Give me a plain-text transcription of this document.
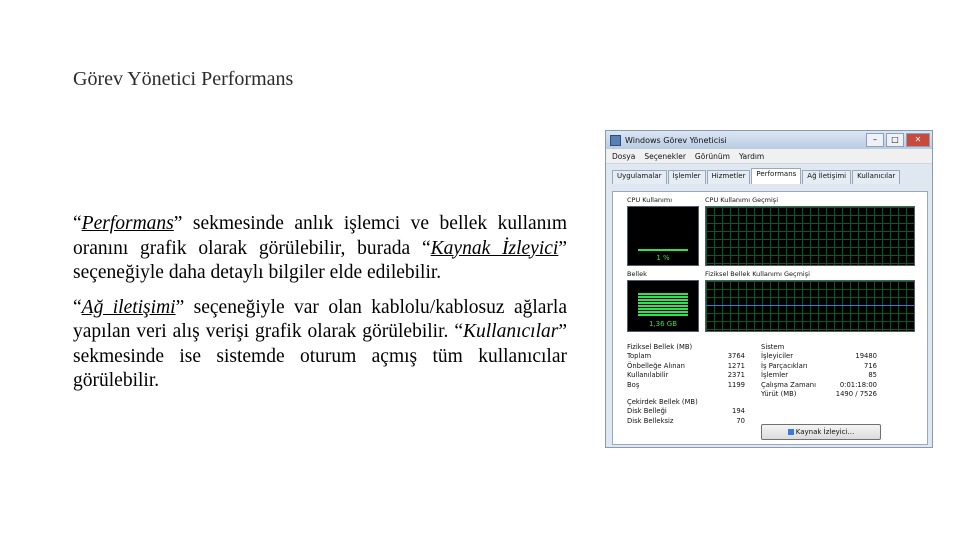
Görev Yönetici Performans

“Performans” sekmesinde anlık işlemci ve bellek kullanım oranını grafik olarak görülebilir, burada “Kaynak İzleyici” seçeneğiyle daha detaylı bilgiler elde edilebilir.

“Ağ iletişimi” seçeneğiyle var olan kablolu/kablosuz ağlarla yapılan veri alış verişi grafik olarak görülebilir. “Kullanıcılar” sekmesinde ise sistemde oturum açmış tüm kullanıcılar görülebilir.

Windows Görev Yöneticisi	–	□	✕
Dosya Seçenekler Görünüm Yardım
Uygulamalar	İşlemler	Hizmetler	Performans	Ağ İletişimi	Kullanıcılar
CPU Kullanımı
1 %
CPU Kullanımı Geçmişi
Bellek
1,36 GB
Fiziksel Bellek Kullanımı Geçmişi
Fiziksel Bellek (MB)
Toplam	3764
Önbelleğe Alınan	1271
Kullanılabilir	2371
Boş	1199
Çekirdek Bellek (MB)
Disk Belleği	194
Disk Belleksiz	70
Sistem
İşleyiciler	19480
İş Parçacıkları	716
İşlemler	85
Çalışma Zamanı	0:01:18:00
Yürüt (MB)	1490 / 7526
Kaynak İzleyici...
